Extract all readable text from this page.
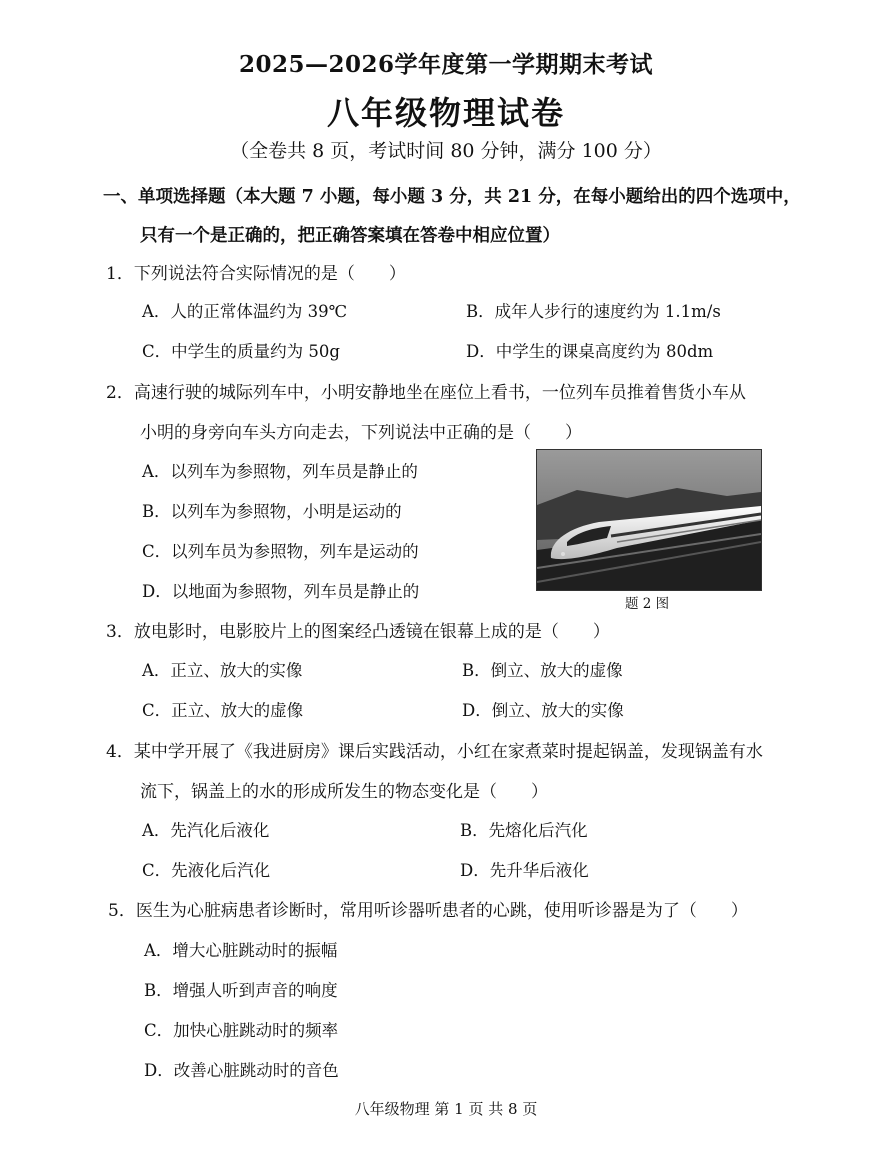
2025—2026学年度第一学期期末考试
八年级物理试卷
（全卷共 8 页，考试时间 80 分钟，满分 100 分）
一、单项选择题（本大题 7 小题，每小题 3 分，共 21 分，在每小题给出的四个选项中，
只有一个是正确的，把正确答案填在答卷中相应位置）
1．下列说法符合实际情况的是（　　）
A．人的正常体温约为 39℃	B．成年人步行的速度约为 1.1m/s
C．中学生的质量约为 50g	D．中学生的课桌高度约为 80dm
2．高速行驶的城际列车中，小明安静地坐在座位上看书，一位列车员推着售货小车从
小明的身旁向车头方向走去，下列说法中正确的是（　　）
A．以列车为参照物，列车员是静止的
B．以列车为参照物，小明是运动的
C．以列车员为参照物，列车是运动的
D．以地面为参照物，列车员是静止的
题 2 图
3．放电影时，电影胶片上的图案经凸透镜在银幕上成的是（　　）
A．正立、放大的实像	B．倒立、放大的虚像
C．正立、放大的虚像	D．倒立、放大的实像
4．某中学开展了《我进厨房》课后实践活动，小红在家煮菜时提起锅盖，发现锅盖有水
流下，锅盖上的水的形成所发生的物态变化是（　　）
A．先汽化后液化	B．先熔化后汽化
C．先液化后汽化	D．先升华后液化
5．医生为心脏病患者诊断时，常用听诊器听患者的心跳，使用听诊器是为了（　　）
A．增大心脏跳动时的振幅
B．增强人听到声音的响度
C．加快心脏跳动时的频率
D．改善心脏跳动时的音色
八年级物理 第 1 页 共 8 页
